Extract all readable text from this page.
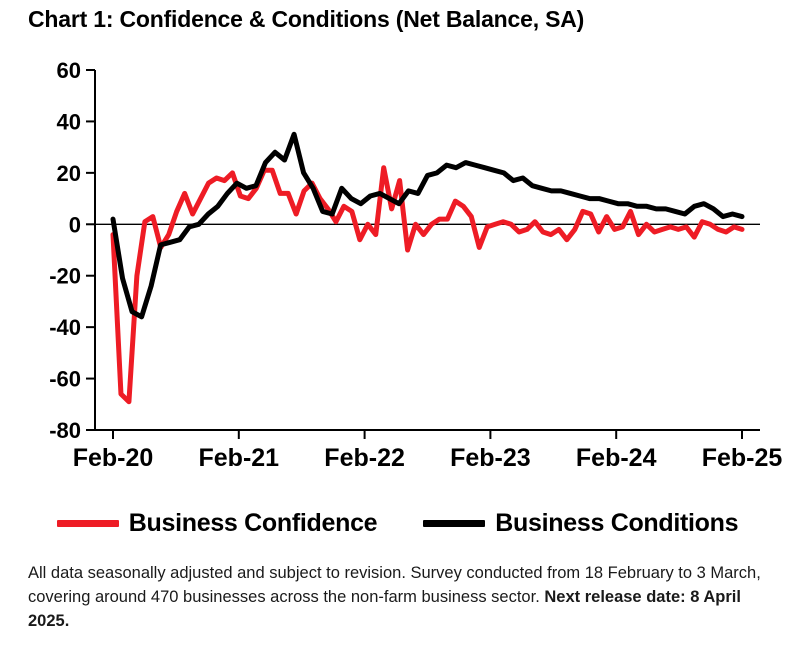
Chart 1: Confidence & Conditions (Net Balance, SA)
-80
-60
-40
-20
0
20
40
60
Feb-20 Feb-21 Feb-22 Feb-23 Feb-24 Feb-25
Business Confidence	Business Conditions
All data seasonally adjusted and subject to revision. Survey conducted from 18 February to 3 March, covering around 470 businesses across the non-farm business sector. Next release date: 8 April 2025.
